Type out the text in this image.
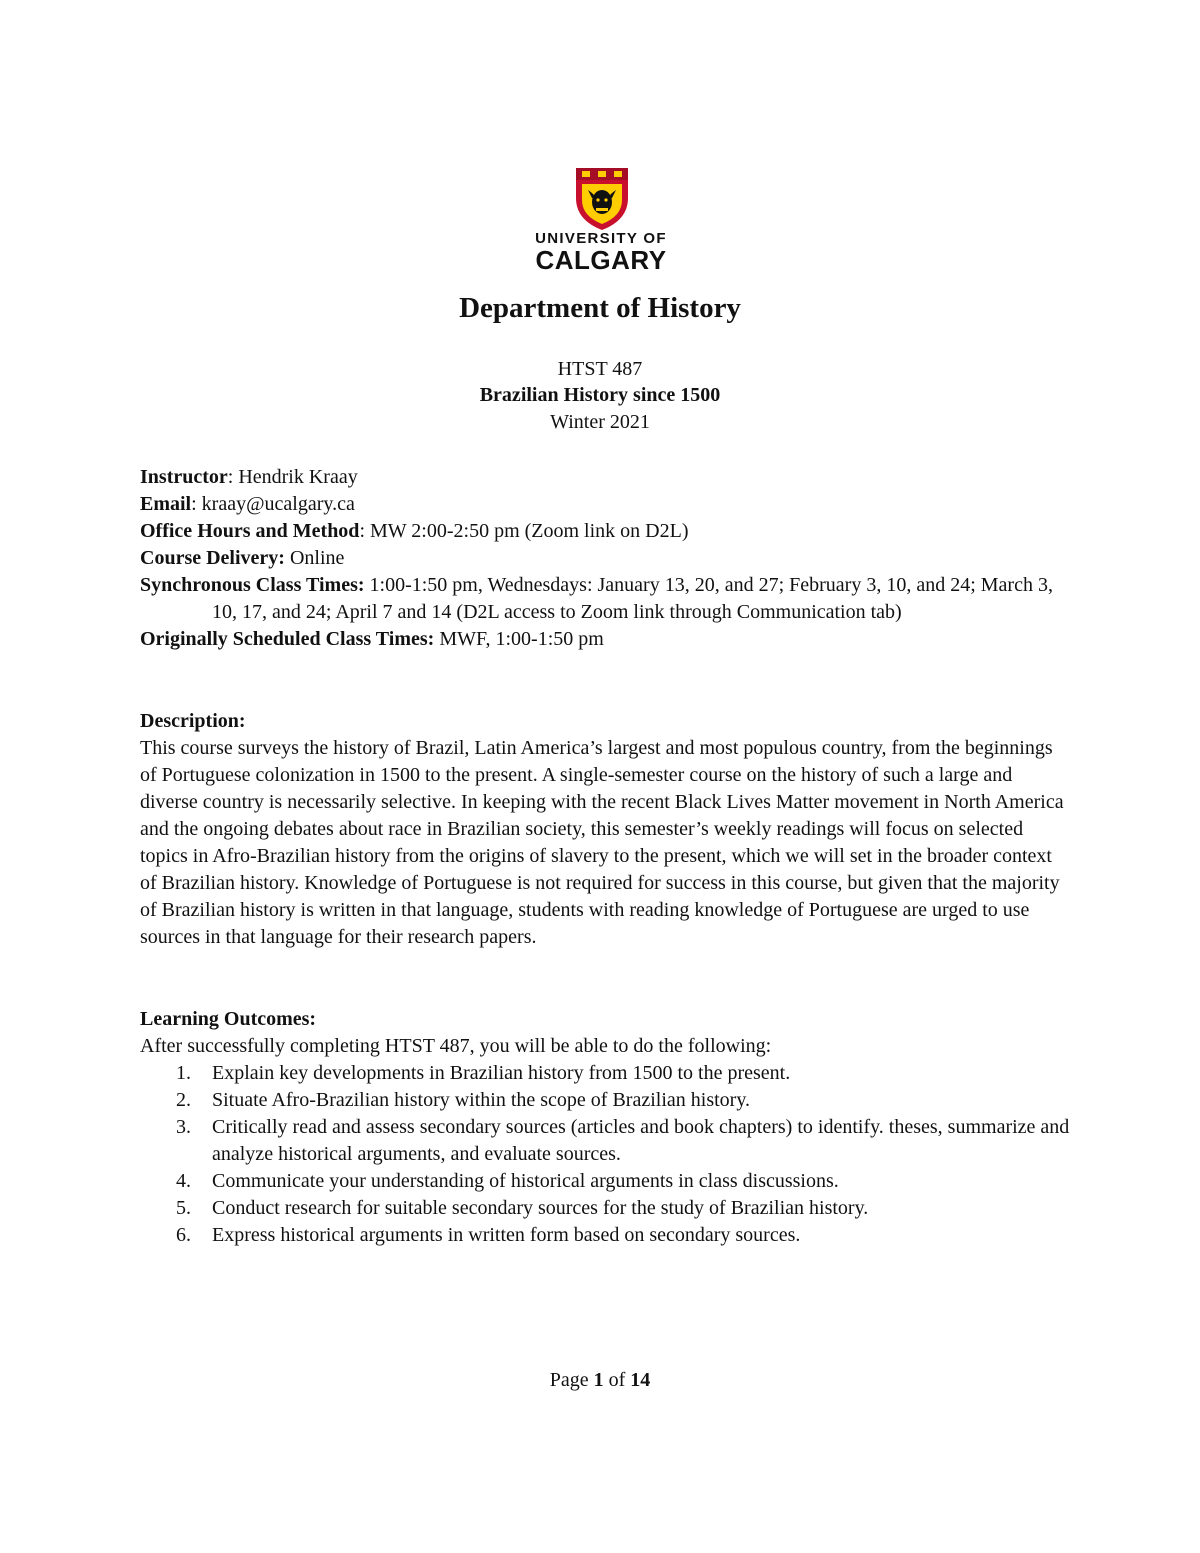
UNIVERSITY OF
CALGARY
Department of History
HTST 487
Brazilian History since 1500
Winter 2021

Instructor: Hendrik Kraay

Email: kraay@ucalgary.ca

Office Hours and Method: MW 2:00-2:50 pm (Zoom link on D2L)

Course Delivery: Online

Synchronous Class Times: 1:00-1:50 pm, Wednesdays: January 13, 20, and 27; February 3, 10, and 24; March 3, 10, 17, and 24; April 7 and 14 (D2L access to Zoom link through Communication tab)

Originally Scheduled Class Times: MWF, 1:00-1:50 pm

Description:

This course surveys the history of Brazil, Latin America’s largest and most populous country, from the beginnings of Portuguese colonization in 1500 to the present. A single-semester course on the history of such a large and diverse country is necessarily selective. In keeping with the recent Black Lives Matter movement in North America and the ongoing debates about race in Brazilian society, this semester’s weekly readings will focus on selected topics in Afro-Brazilian history from the origins of slavery to the present, which we will set in the broader context of Brazilian history. Knowledge of Portuguese is not required for success in this course, but given that the majority of Brazilian history is written in that language, students with reading knowledge of Portuguese are urged to use sources in that language for their research papers.

Learning Outcomes:

After successfully completing HTST 487, you will be able to do the following:

1. Explain key developments in Brazilian history from 1500 to the present.
2. Situate Afro-Brazilian history within the scope of Brazilian history.
3. Critically read and assess secondary sources (articles and book chapters) to identify. theses, summarize and analyze historical arguments, and evaluate sources.
4. Communicate your understanding of historical arguments in class discussions.
5. Conduct research for suitable secondary sources for the study of Brazilian history.
6. Express historical arguments in written form based on secondary sources.
Page 1 of 14
